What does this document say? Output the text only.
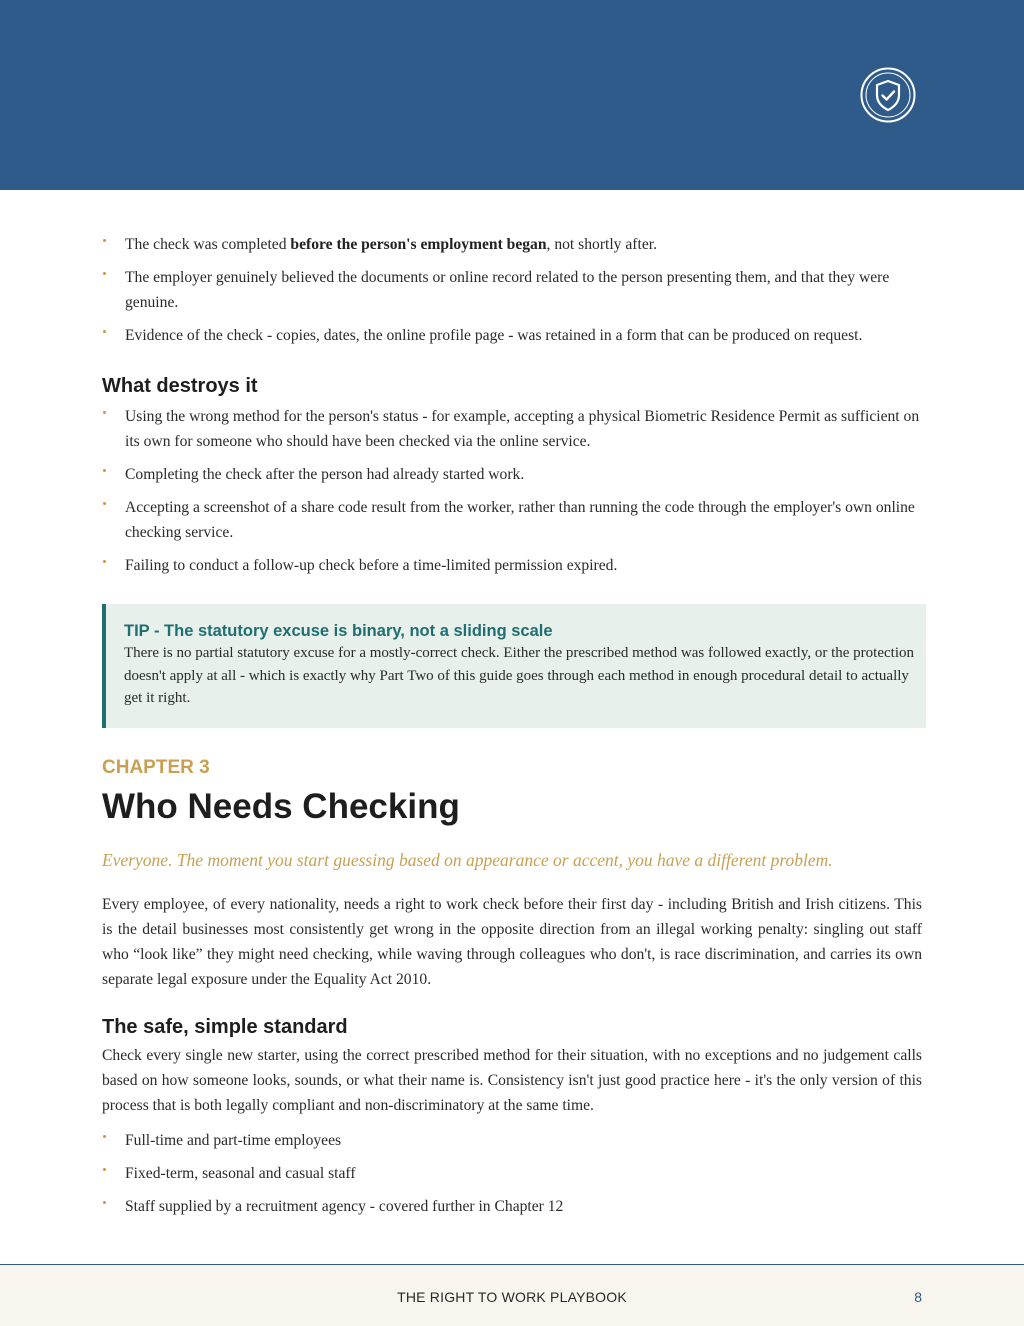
The check was completed before the person's employment began, not shortly after.
The employer genuinely believed the documents or online record related to the person presenting them, and that they were genuine.
Evidence of the check - copies, dates, the online profile page - was retained in a form that can be produced on request.
What destroys it
Using the wrong method for the person's status - for example, accepting a physical Biometric Residence Permit as sufficient on its own for someone who should have been checked via the online service.
Completing the check after the person had already started work.
Accepting a screenshot of a share code result from the worker, rather than running the code through the employer's own online checking service.
Failing to conduct a follow-up check before a time-limited permission expired.
TIP - The statutory excuse is binary, not a sliding scale
There is no partial statutory excuse for a mostly-correct check. Either the prescribed method was followed exactly, or the protection doesn't apply at all - which is exactly why Part Two of this guide goes through each method in enough procedural detail to actually get it right.
CHAPTER 3
Who Needs Checking
Everyone. The moment you start guessing based on appearance or accent, you have a different problem.

Every employee, of every nationality, needs a right to work check before their first day - including British and Irish citizens. This is the detail businesses most consistently get wrong in the opposite direction from an illegal working penalty: singling out staff who “look like” they might need checking, while waving through colleagues who don't, is race discrimination, and carries its own separate legal exposure under the Equality Act 2010.

The safe, simple standard

Check every single new starter, using the correct prescribed method for their situation, with no exceptions and no judgement calls based on how someone looks, sounds, or what their name is. Consistency isn't just good practice here - it's the only version of this process that is both legally compliant and non-discriminatory at the same time.

Full-time and part-time employees
Fixed-term, seasonal and casual staff
Staff supplied by a recruitment agency - covered further in Chapter 12
THE RIGHT TO WORK PLAYBOOK	8
